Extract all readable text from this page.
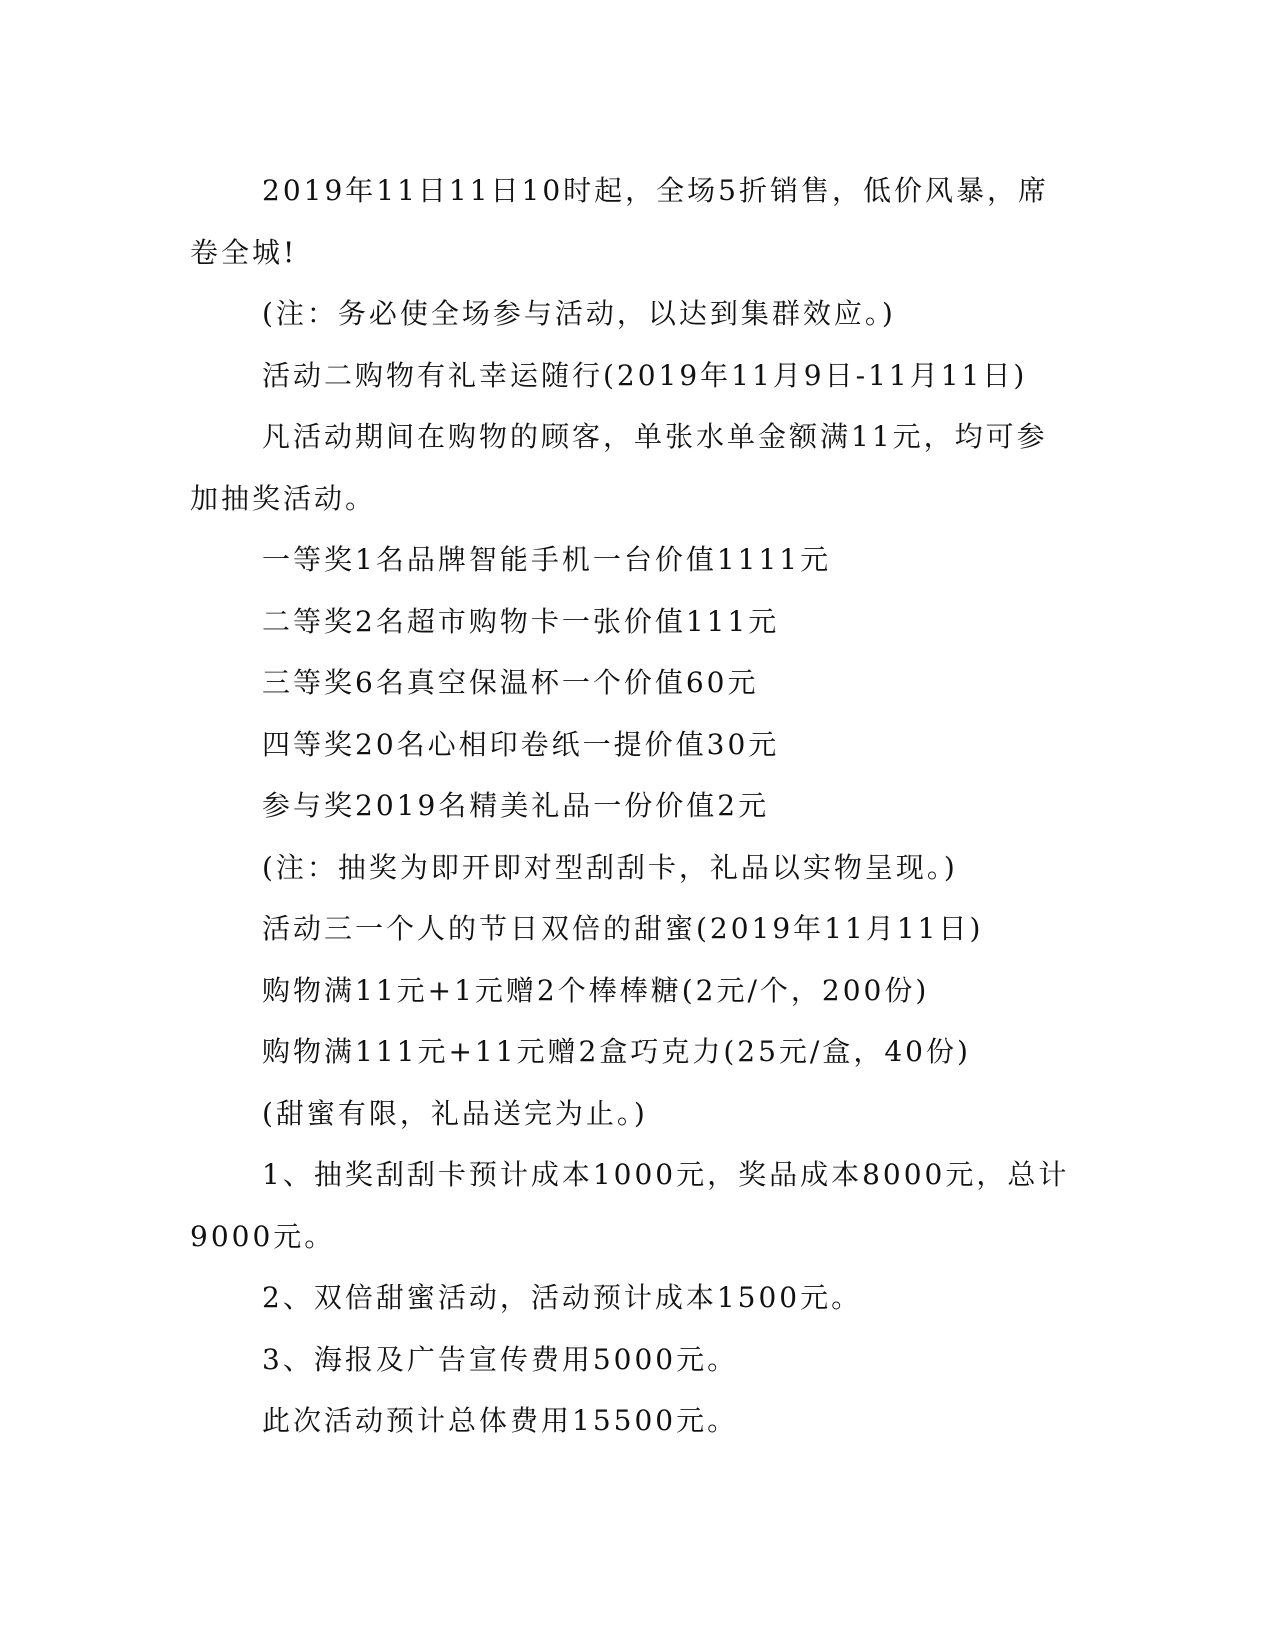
2019年11日11日10时起，全场5折销售，低价风暴，席卷全城!

(注：务必使全场参与活动，以达到集群效应。)

活动二购物有礼幸运随行(2019年11月9日-11月11日)

凡活动期间在购物的顾客，单张水单金额满11元，均可参加抽奖活动。

一等奖1名品牌智能手机一台价值1111元

二等奖2名超市购物卡一张价值111元

三等奖6名真空保温杯一个价值60元

四等奖20名心相印卷纸一提价值30元

参与奖2019名精美礼品一份价值2元

(注：抽奖为即开即对型刮刮卡，礼品以实物呈现。)

活动三一个人的节日双倍的甜蜜(2019年11月11日)

购物满11元+1元赠2个棒棒糖(2元/个，200份)

购物满111元+11元赠2盒巧克力(25元/盒，40份)

(甜蜜有限，礼品送完为止。)

1、抽奖刮刮卡预计成本1000元，奖品成本8000元，总计9000元。

2、双倍甜蜜活动，活动预计成本1500元。

3、海报及广告宣传费用5000元。

此次活动预计总体费用15500元。
